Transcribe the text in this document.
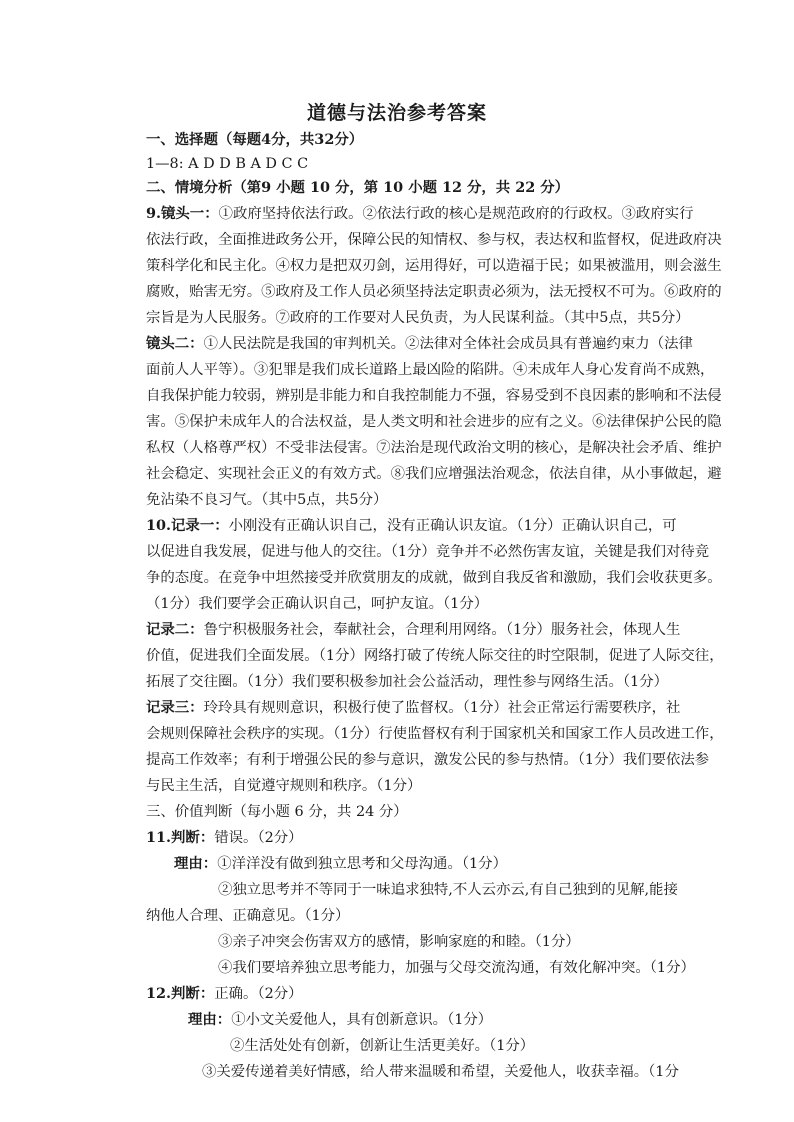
道德与法治参考答案
一、选择题（每题4分，共32分）
1—8: A D D B A D C C
二、情境分析（第9 小题 10 分，第 10 小题 12 分，共 22 分）
9.镜头一：①政府坚持依法行政。②依法行政的核心是规范政府的行政权。③政府实行
依法行政，全面推进政务公开，保障公民的知情权、参与权，表达权和监督权，促进政府决
策科学化和民主化。④权力是把双刃剑，运用得好，可以造福于民；如果被滥用，则会滋生
腐败，贻害无穷。⑤政府及工作人员必须坚持法定职责必须为，法无授权不可为。⑥政府的
宗旨是为人民服务。⑦政府的工作要对人民负责，为人民谋利益。（其中5点，共5分）
镜头二：①人民法院是我国的审判机关。②法律对全体社会成员具有普遍约束力（法律
面前人人平等）。③犯罪是我们成长道路上最凶险的陷阱。④未成年人身心发育尚不成熟，
自我保护能力较弱，辨别是非能力和自我控制能力不强，容易受到不良因素的影响和不法侵
害。⑤保护未成年人的合法权益，是人类文明和社会进步的应有之义。⑥法律保护公民的隐
私权（人格尊严权）不受非法侵害。⑦法治是现代政治文明的核心，是解决社会矛盾、维护
社会稳定、实现社会正义的有效方式。⑧我们应增强法治观念，依法自律，从小事做起，避
免沾染不良习气。（其中5点，共5分）
10.记录一：小刚没有正确认识自己，没有正确认识友谊。（1分）正确认识自己，可
以促进自我发展，促进与他人的交往。（1分）竞争并不必然伤害友谊，关键是我们对待竞
争的态度。在竞争中坦然接受并欣赏朋友的成就，做到自我反省和激励，我们会收获更多。
（1分）我们要学会正确认识自己，呵护友谊。（1分）
记录二：鲁宁积极服务社会，奉献社会，合理利用网络。（1分）服务社会，体现人生
价值，促进我们全面发展。（1分）网络打破了传统人际交往的时空限制，促进了人际交往，
拓展了交往圈。（1分）我们要积极参加社会公益活动，理性参与网络生活。（1分）
记录三：玲玲具有规则意识，积极行使了监督权。（1分）社会正常运行需要秩序，社
会规则保障社会秩序的实现。（1分）行使监督权有利于国家机关和国家工作人员改进工作，
提高工作效率；有利于增强公民的参与意识，激发公民的参与热情。（1分）我们要依法参
与民主生活，自觉遵守规则和秩序。（1分）
三、价值判断（每小题 6 分，共 24 分）
11.判断：错误。（2分）
理由：①洋洋没有做到独立思考和父母沟通。（1分）
②独立思考并不等同于一味追求独特,不人云亦云,有自己独到的见解,能接
纳他人合理、正确意见。（1分）
③亲子冲突会伤害双方的感情，影响家庭的和睦。（1分）
④我们要培养独立思考能力，加强与父母交流沟通，有效化解冲突。（1分）
12.判断：正确。（2分）
理由：①小文关爱他人，具有创新意识。（1分）
②生活处处有创新，创新让生活更美好。（1分）
③关爱传递着美好情感，给人带来温暖和希望，关爱他人，收获幸福。（1分
